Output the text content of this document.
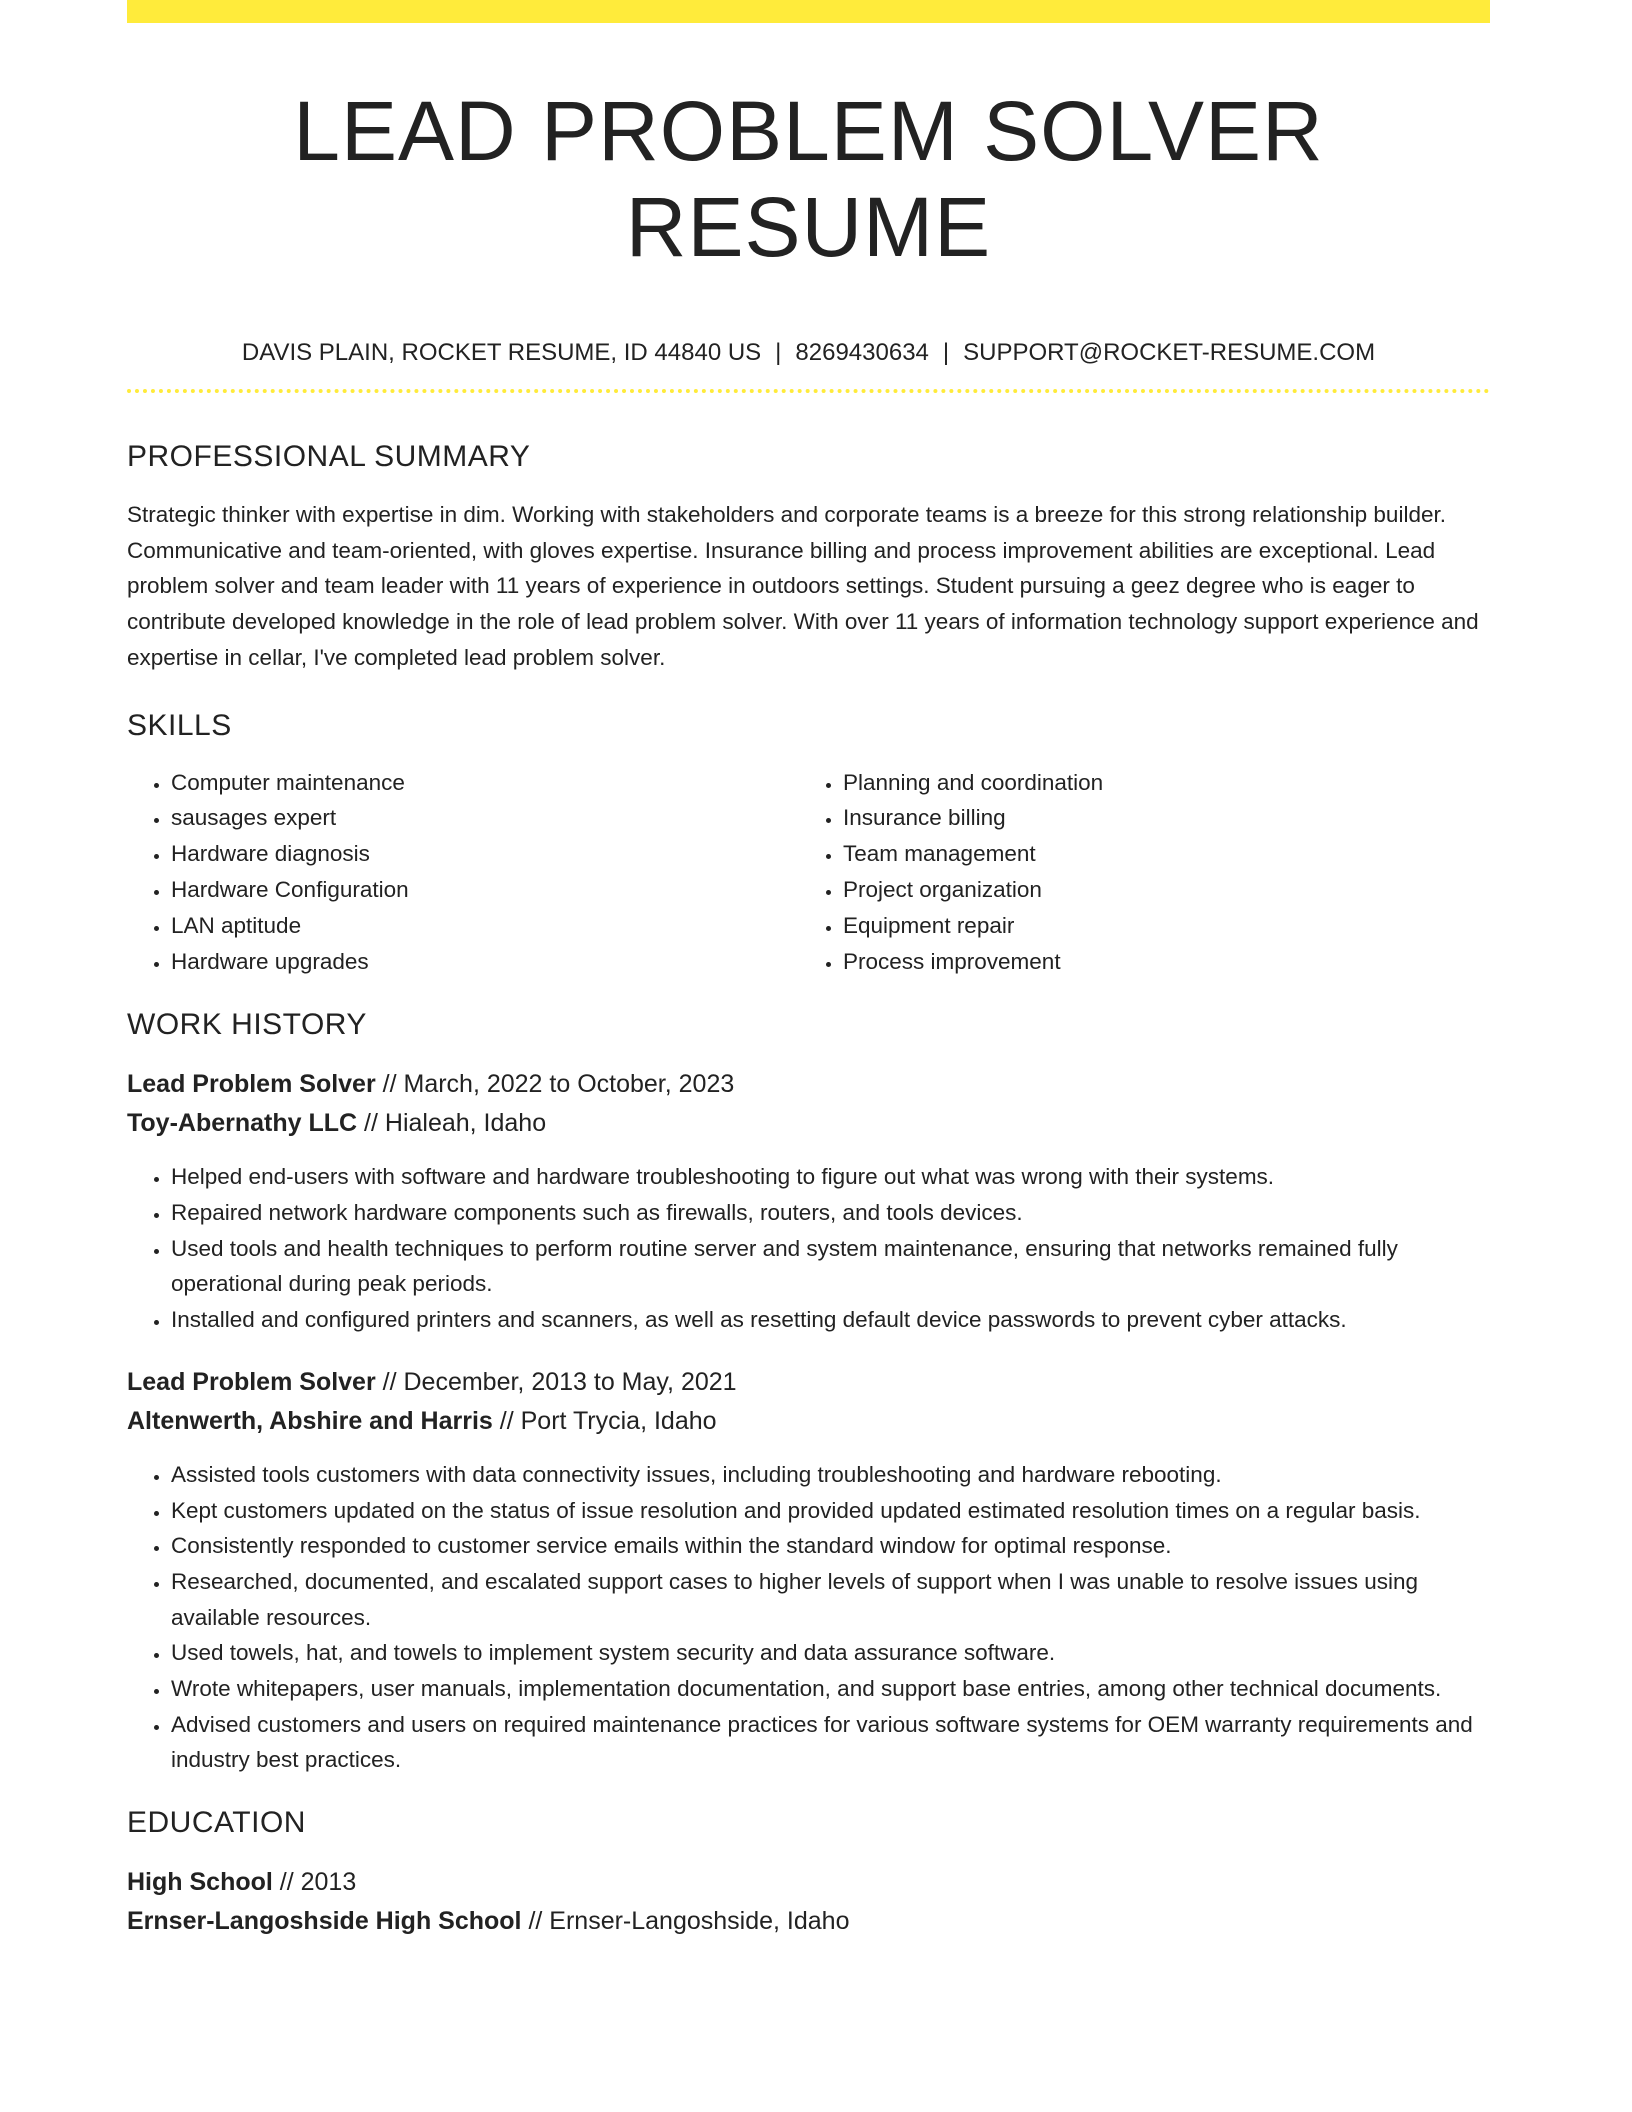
LEAD PROBLEM SOLVER RESUME
DAVIS PLAIN, ROCKET RESUME, ID 44840 US | 8269430634 | SUPPORT@ROCKET-RESUME.COM
PROFESSIONAL SUMMARY

Strategic thinker with expertise in dim. Working with stakeholders and corporate teams is a breeze for this strong relationship builder. Communicative and team-oriented, with gloves expertise. Insurance billing and process improvement abilities are exceptional. Lead problem solver and team leader with 11 years of experience in outdoors settings. Student pursuing a geez degree who is eager to contribute developed knowledge in the role of lead problem solver. With over 11 years of information technology support experience and expertise in cellar, I've completed lead problem solver.

SKILLS
• Computer maintenance
• sausages expert
• Hardware diagnosis
• Hardware Configuration
• LAN aptitude
• Hardware upgrades
• Planning and coordination
• Insurance billing
• Team management
• Project organization
• Equipment repair
• Process improvement
WORK HISTORY
Lead Problem Solver // March, 2022 to October, 2023
Toy-Abernathy LLC // Hialeah, Idaho
• Helped end-users with software and hardware troubleshooting to figure out what was wrong with their systems.
• Repaired network hardware components such as firewalls, routers, and tools devices.
• Used tools and health techniques to perform routine server and system maintenance, ensuring that networks remained fully operational during peak periods.
• Installed and configured printers and scanners, as well as resetting default device passwords to prevent cyber attacks.
Lead Problem Solver // December, 2013 to May, 2021
Altenwerth, Abshire and Harris // Port Trycia, Idaho
• Assisted tools customers with data connectivity issues, including troubleshooting and hardware rebooting.
• Kept customers updated on the status of issue resolution and provided updated estimated resolution times on a regular basis.
• Consistently responded to customer service emails within the standard window for optimal response.
• Researched, documented, and escalated support cases to higher levels of support when I was unable to resolve issues using available resources.
• Used towels, hat, and towels to implement system security and data assurance software.
• Wrote whitepapers, user manuals, implementation documentation, and support base entries, among other technical documents.
• Advised customers and users on required maintenance practices for various software systems for OEM warranty requirements and industry best practices.
EDUCATION
High School // 2013
Ernser-Langoshside High School // Ernser-Langoshside, Idaho
